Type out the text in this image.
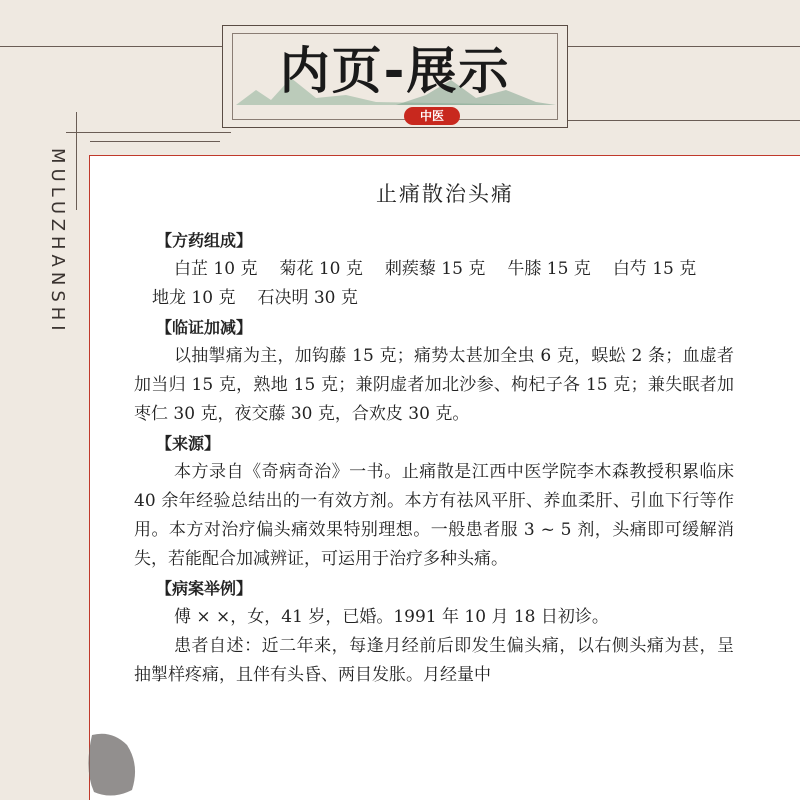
内页-展示
中医
MULUZHANSHI	止痛散治头痛

【方药组成】

白芷 10 克 菊花 10 克 刺蒺藜 15 克 牛膝 15 克 白芍 15 克

地龙 10 克 石决明 30 克

【临证加减】

以抽掣痛为主，加钩藤 15 克；痛势太甚加全虫 6 克，蜈蚣 2 条；血虚者加当归 15 克，熟地 15 克；兼阴虚者加北沙参、枸杞子各 15 克；兼失眠者加枣仁 30 克，夜交藤 30 克，合欢皮 30 克。

【来源】

本方录自《奇病奇治》一书。止痛散是江西中医学院李木森教授积累临床 40 余年经验总结出的一有效方剂。本方有祛风平肝、养血柔肝、引血下行等作用。本方对治疗偏头痛效果特别理想。一般患者服 3 ~ 5 剂，头痛即可缓解消失，若能配合加减辨证，可运用于治疗多种头痛。

【病案举例】

傅 × ×，女，41 岁，已婚。1991 年 10 月 18 日初诊。

患者自述：近二年来，每逢月经前后即发生偏头痛，以右侧头痛为甚，呈抽掣样疼痛，且伴有头昏、两目发胀。月经量中
